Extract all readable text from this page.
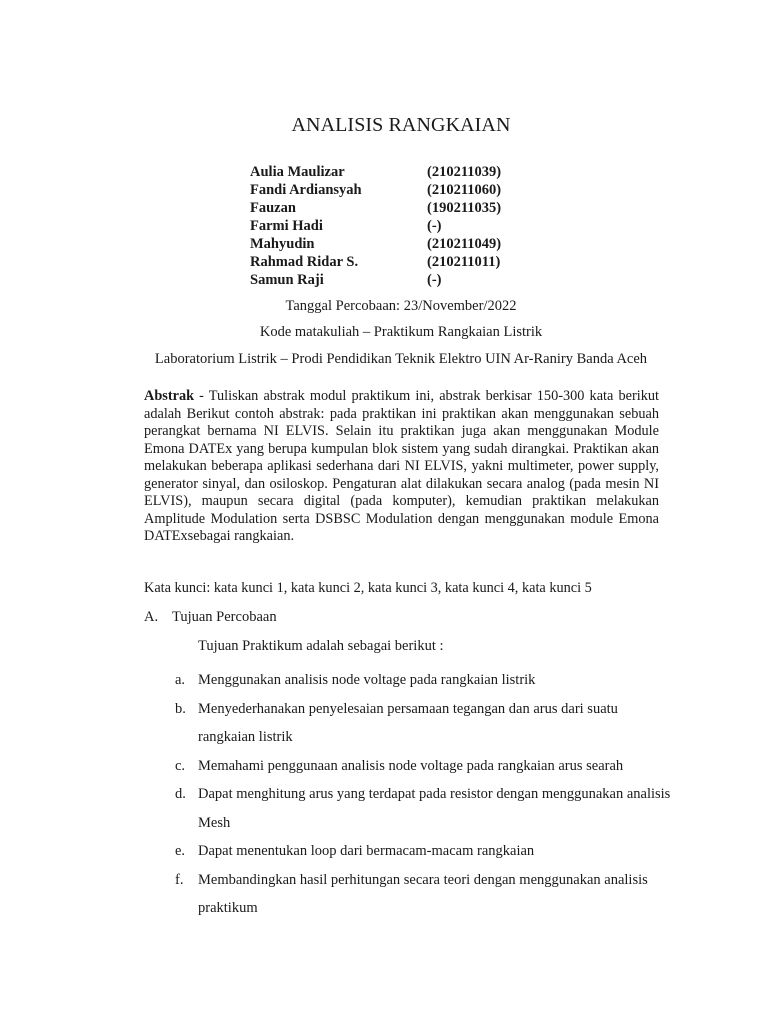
ANALISIS RANGKAIAN
Aulia Maulizar	(210211039)
Fandi Ardiansyah	(210211060)
Fauzan	(190211035)
Farmi Hadi	(-)
Mahyudin	(210211049)
Rahmad Ridar S.	(210211011)
Samun Raji	(-)
Tanggal Percobaan: 23/November/2022
Kode matakuliah – Praktikum Rangkaian Listrik
Laboratorium Listrik – Prodi Pendidikan Teknik Elektro UIN Ar-Raniry Banda Aceh
Abstrak - Tuliskan abstrak modul praktikum ini, abstrak berkisar 150-300 kata berikut adalah Berikut contoh abstrak: pada praktikan ini praktikan akan menggunakan sebuah perangkat bernama NI ELVIS. Selain itu praktikan juga akan menggunakan Module Emona DATEx yang berupa kumpulan blok sistem yang sudah dirangkai. Praktikan akan melakukan beberapa aplikasi sederhana dari NI ELVIS, yakni multimeter, power supply, generator sinyal, dan osiloskop. Pengaturan alat dilakukan secara analog (pada mesin NI ELVIS), maupun secara digital (pada komputer), kemudian praktikan melakukan Amplitude Modulation serta DSBSC Modulation dengan menggunakan module Emona DATExsebagai rangkaian.
Kata kunci: kata kunci 1, kata kunci 2, kata kunci 3, kata kunci 4, kata kunci 5
A. Tujuan Percobaan
Tujuan Praktikum adalah sebagai berikut :
a. Menggunakan analisis node voltage pada rangkaian listrik
b. Menyederhanakan penyelesaian persamaan tegangan dan arus dari suatu rangkaian listrik
c. Memahami penggunaan analisis node voltage pada rangkaian arus searah
d. Dapat menghitung arus yang terdapat pada resistor dengan menggunakan analisis Mesh
e. Dapat menentukan loop dari bermacam-macam rangkaian
f. Membandingkan hasil perhitungan secara teori dengan menggunakan analisis praktikum
